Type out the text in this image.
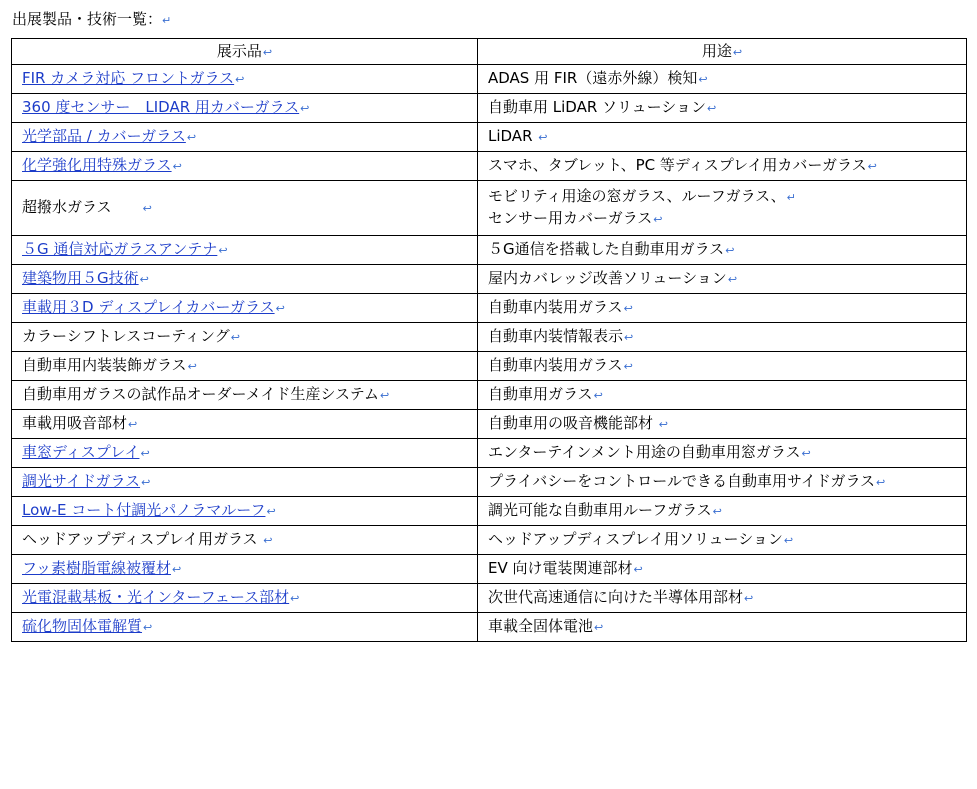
出展製品・技術一覧：↵
展示品↩	用途↩
FIR カメラ対応 フロントガラス↩	ADAS 用 FIR（遠赤外線）検知↩
360 度センサー　LIDAR 用カバーガラス↩	自動車用 LiDAR ソリューション↩
光学部品 / カバーガラス↩	LiDAR ↩
化学強化用特殊ガラス↩	スマホ、タブレット、PC 等ディスプレイ用カバーガラス↩
超撥水ガラス　　↩	モビリティ用途の窓ガラス、ルーフガラス、↵
センサー用カバーガラス↩
５G 通信対応ガラスアンテナ↩	５G通信を搭載した自動車用ガラス↩
建築物用５G技術↩	屋内カバレッジ改善ソリューション↩
車載用３D ディスプレイカバーガラス↩	自動車内装用ガラス↩
カラーシフトレスコーティング↩	自動車内装情報表示↩
自動車用内装装飾ガラス↩	自動車内装用ガラス↩
自動車用ガラスの試作品オーダーメイド生産システム↩	自動車用ガラス↩
車載用吸音部材↩	自動車用の吸音機能部材 ↩
車窓ディスプレイ↩	エンターテインメント用途の自動車用窓ガラス↩
調光サイドガラス↩	プライバシーをコントロールできる自動車用サイドガラス↩
Low-E コート付調光パノラマルーフ↩	調光可能な自動車用ルーフガラス↩
ヘッドアップディスプレイ用ガラス ↩	ヘッドアップディスプレイ用ソリューション↩
フッ素樹脂電線被覆材↩	EV 向け電装関連部材↩
光電混載基板・光インターフェース部材↩	次世代高速通信に向けた半導体用部材↩
硫化物固体電解質↩	車載全固体電池↩
